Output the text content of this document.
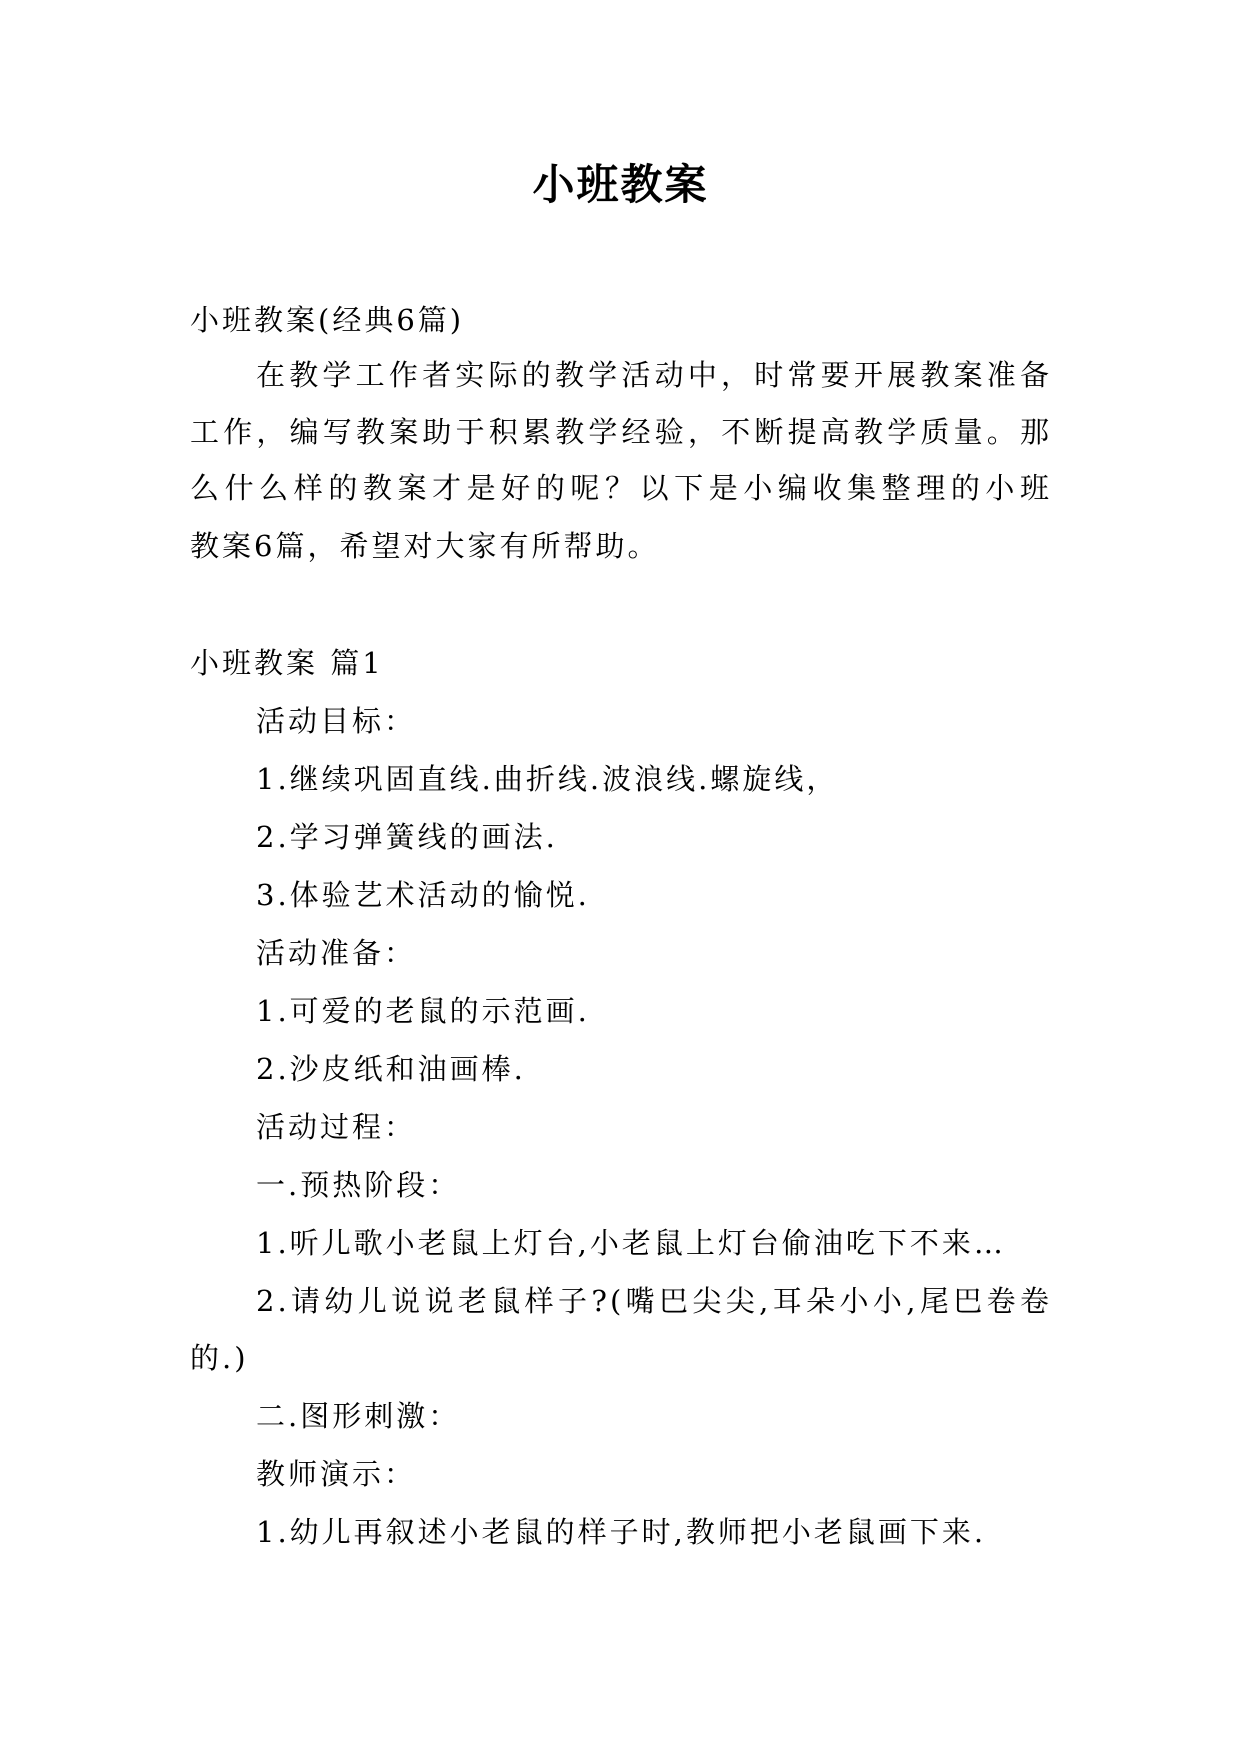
小班教案
小班教案(经典6篇)
在教学工作者实际的教学活动中，时常要开展教案准备
工作，编写教案助于积累教学经验，不断提高教学质量。那
么什么样的教案才是好的呢？以下是小编收集整理的小班
教案6篇，希望对大家有所帮助。
小班教案 篇1
活动目标：
1.继续巩固直线.曲折线.波浪线.螺旋线，
2.学习弹簧线的画法.
3.体验艺术活动的愉悦.
活动准备：
1.可爱的老鼠的示范画.
2.沙皮纸和油画棒.
活动过程：
一.预热阶段：
1.听儿歌小老鼠上灯台,小老鼠上灯台偷油吃下不来…
2.请幼儿说说老鼠样子?(嘴巴尖尖,耳朵小小,尾巴卷卷
的.)
二.图形刺激：
教师演示：
1.幼儿再叙述小老鼠的样子时,教师把小老鼠画下来.
